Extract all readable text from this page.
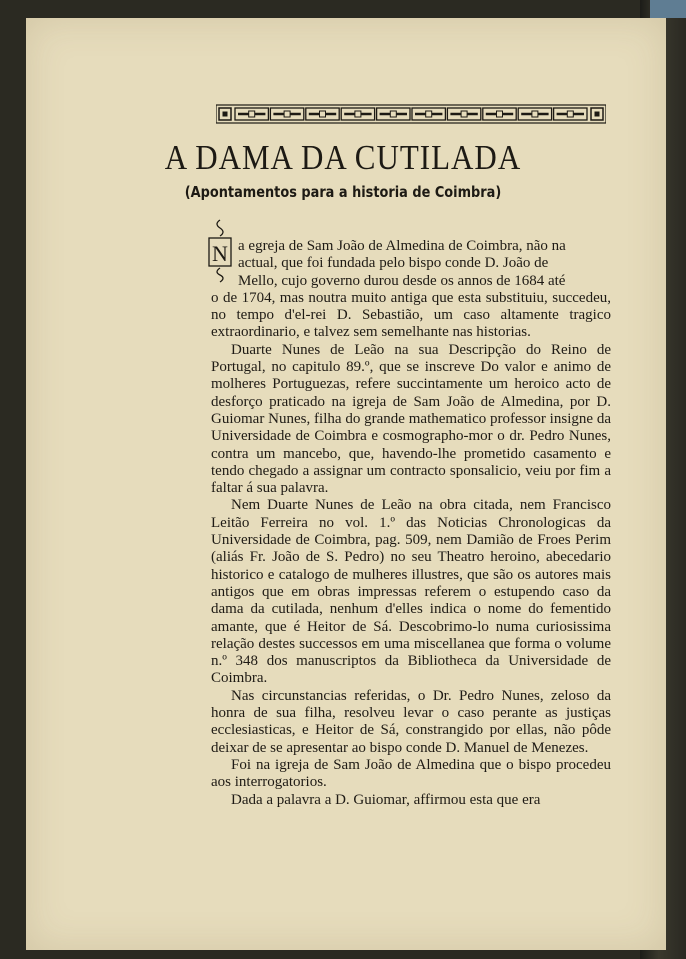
A DAMA DA CUTILADA
(Apontamentos para a historia de Coimbra)
N a egreja de Sam João de Almedina de Coimbra, não na
actual, que foi fundada pelo bispo conde D. João de
Mello, cujo governo durou desde os annos de 1684 até
o de 1704, mas noutra muito antiga que esta substituiu, succedeu, no tempo d'el-rei D. Sebastião, um caso altamente tragico extraordinario, e talvez sem semelhante nas historias.

Duarte Nunes de Leão na sua Descripção do Reino de Portugal, no capitulo 89.º, que se inscreve Do valor e animo de molheres Portuguezas, refere succintamente um heroico acto de desforço praticado na igreja de Sam João de Almedina, por D. Guiomar Nunes, filha do grande mathematico professor insigne da Universidade de Coimbra e cosmographo-mor o dr. Pedro Nunes, contra um mancebo, que, havendo-lhe prometido casamento e tendo chegado a assignar um contracto sponsalicio, veiu por fim a faltar á sua palavra.

Nem Duarte Nunes de Leão na obra citada, nem Francisco Leitão Ferreira no vol. 1.º das Noticias Chronologicas da Universidade de Coimbra, pag. 509, nem Damião de Froes Perim (aliás Fr. João de S. Pedro) no seu Theatro heroino, abecedario historico e catalogo de mulheres illustres, que são os autores mais antigos que em obras impressas referem o estupendo caso da dama da cutilada, nenhum d'elles indica o nome do fementido amante, que é Heitor de Sá. Descobrimo-lo numa curiosissima relação destes successos em uma miscellanea que forma o volume n.º 348 dos manuscriptos da Bibliotheca da Universidade de Coimbra.

Nas circunstancias referidas, o Dr. Pedro Nunes, zeloso da honra de sua filha, resolveu levar o caso perante as justiças ecclesiasticas, e Heitor de Sá, constrangido por ellas, não pôde deixar de se apresentar ao bispo conde D. Manuel de Menezes.

Foi na igreja de Sam João de Almedina que o bispo procedeu aos interrogatorios.

Dada a palavra a D. Guiomar, affirmou esta que era
